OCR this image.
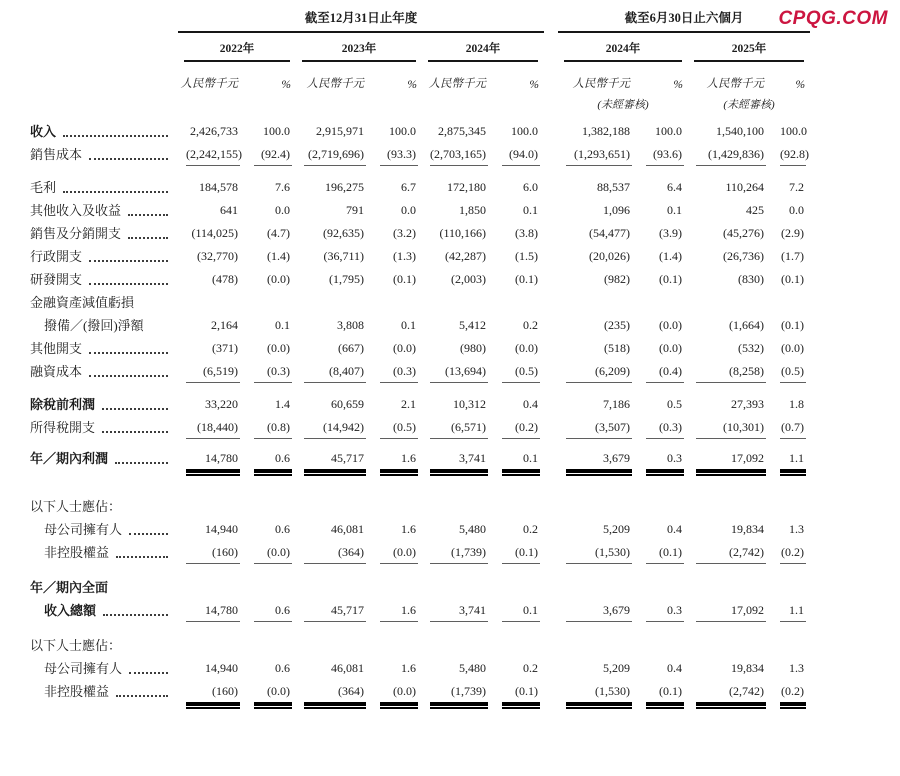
CPQG.COM

	截至12月31日止年度							截至6月30日止六個月			

	2022年		2023年		2024年			2024年		2025年	

	人民幣千元	%	人民幣千元	%	人民幣千元	%		人民幣千元	%	人民幣千元	%
								(未經審核)		(未經審核)	

收入	2,426,733	100.0	2,915,971	100.0	2,875,345	100.0		1,382,188	100.0	1,540,100	100.0

銷售成本	(2,242,155)	(92.4)	(2,719,696)	(93.3)	(2,703,165)	(94.0)		(1,293,651)	(93.6)	(1,429,836)	(92.8)

毛利	184,578	7.6	196,275	6.7	172,180	6.0		88,537	6.4	110,264	7.2

其他收入及收益	641	0.0	791	0.0	1,850	0.1		1,096	0.1	425	0.0

銷售及分銷開支	(114,025)	(4.7)	(92,635)	(3.2)	(110,166)	(3.8)		(54,477)	(3.9)	(45,276)	(2.9)

行政開支	(32,770)	(1.4)	(36,711)	(1.3)	(42,287)	(1.5)		(20,026)	(1.4)	(26,736)	(1.7)

研發開支	(478)	(0.0)	(1,795)	(0.1)	(2,003)	(0.1)		(982)	(0.1)	(830)	(0.1)

金融資產減值虧損

撥備／(撥回)淨額	2,164	0.1	3,808	0.1	5,412	0.2		(235)	(0.0)	(1,664)	(0.1)

其他開支	(371)	(0.0)	(667)	(0.0)	(980)	(0.0)		(518)	(0.0)	(532)	(0.0)

融資成本	(6,519)	(0.3)	(8,407)	(0.3)	(13,694)	(0.5)		(6,209)	(0.4)	(8,258)	(0.5)

除稅前利潤	33,220	1.4	60,659	2.1	10,312	0.4		7,186	0.5	27,393	1.8

所得稅開支	(18,440)	(0.8)	(14,942)	(0.5)	(6,571)	(0.2)		(3,507)	(0.3)	(10,301)	(0.7)

年／期內利潤	14,780	0.6	45,717	1.6	3,741	0.1		3,679	0.3	17,092	1.1

以下人士應佔：

母公司擁有人	14,940	0.6	46,081	1.6	5,480	0.2		5,209	0.4	19,834	1.3

非控股權益	(160)	(0.0)	(364)	(0.0)	(1,739)	(0.1)		(1,530)	(0.1)	(2,742)	(0.2)

年／期內全面

收入總額	14,780	0.6	45,717	1.6	3,741	0.1		3,679	0.3	17,092	1.1

以下人士應佔：

母公司擁有人	14,940	0.6	46,081	1.6	5,480	0.2		5,209	0.4	19,834	1.3

非控股權益	(160)	(0.0)	(364)	(0.0)	(1,739)	(0.1)		(1,530)	(0.1)	(2,742)	(0.2)
